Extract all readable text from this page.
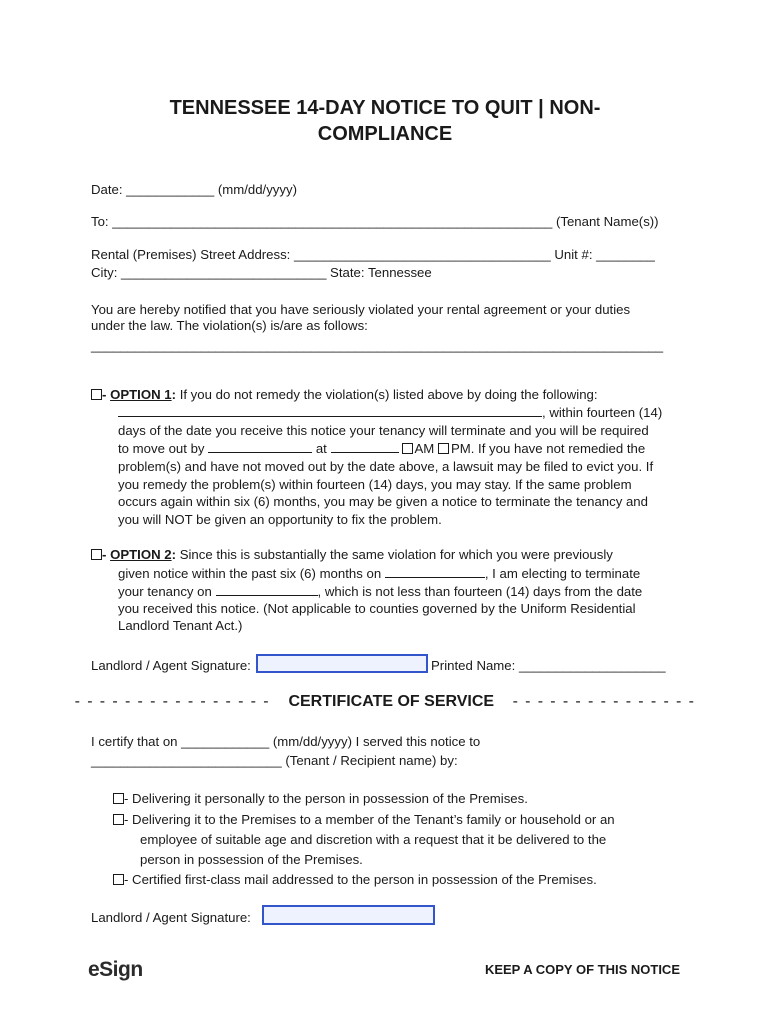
TENNESSEE 14-DAY NOTICE TO QUIT | NON-
COMPLIANCE
Date: ____________ (mm/dd/yyyy)
To: ____________________________________________________________ (Tenant Name(s))
Rental (Premises) Street Address: ___________________________________ Unit #: ________
City: ____________________________ State: Tennessee
You are hereby notified that you have seriously violated your rental agreement or your duties
under the law. The violation(s) is/are as follows:
______________________________________________________________________________
- OPTION 1: If you do not remedy the violation(s) listed above by doing the following:
, within fourteen (14)
days of the date you receive this notice your tenancy will terminate and you will be required
to move out by	at	AM PM. If you have not remedied the
problem(s) and have not moved out by the date above, a lawsuit may be filed to evict you. If
you remedy the problem(s) within fourteen (14) days, you may stay. If the same problem
occurs again within six (6) months, you may be given a notice to terminate the tenancy and
you will NOT be given an opportunity to fix the problem.
- OPTION 2: Since this is substantially the same violation for which you were previously
given notice within the past six (6) months on	, I am electing to terminate
your tenancy on	, which is not less than fourteen (14) days from the date
you received this notice. (Not applicable to counties governed by the Uniform Residential
Landlord Tenant Act.)
Landlord / Agent Signature:	Printed Name: ____________________
- - - - - - - - - - - - - - - - CERTIFICATE OF SERVICE - - - - - - - - - - - - - - -
I certify that on ____________ (mm/dd/yyyy) I served this notice to
__________________________ (Tenant / Recipient name) by:
- Delivering it personally to the person in possession of the Premises.
- Delivering it to the Premises to a member of the Tenant’s family or household or an
employee of suitable age and discretion with a request that it be delivered to the
person in possession of the Premises.
- Certified first-class mail addressed to the person in possession of the Premises.
Landlord / Agent Signature:
eSign	KEEP A COPY OF THIS NOTICE
